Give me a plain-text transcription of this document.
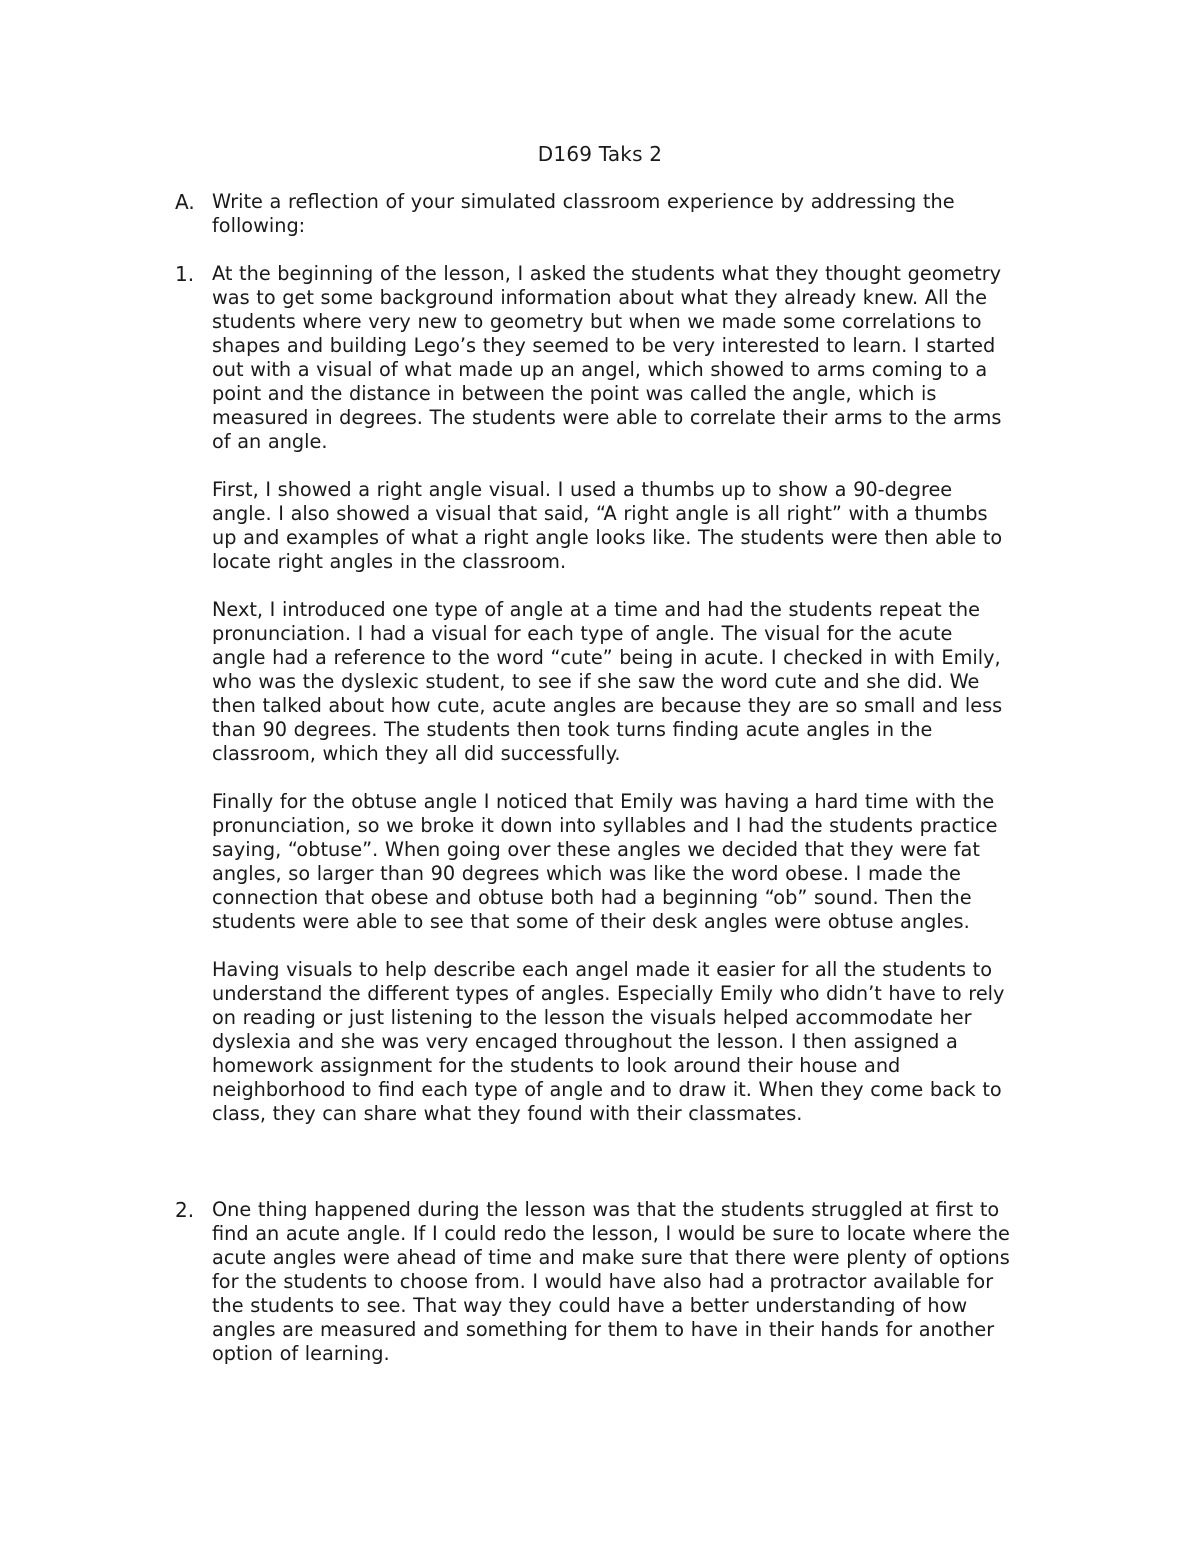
D169 Taks 2
A. Write a reflection of your simulated classroom experience by addressing the
following:

1. At the beginning of the lesson, I asked the students what they thought geometry
was to get some background information about what they already knew. All the
students where very new to geometry but when we made some correlations to
shapes and building Lego’s they seemed to be very interested to learn. I started
out with a visual of what made up an angel, which showed to arms coming to a
point and the distance in between the point was called the angle, which is
measured in degrees. The students were able to correlate their arms to the arms
of an angle.

First, I showed a right angle visual. I used a thumbs up to show a 90-degree
angle. I also showed a visual that said, “A right angle is all right” with a thumbs
up and examples of what a right angle looks like. The students were then able to
locate right angles in the classroom.

Next, I introduced one type of angle at a time and had the students repeat the
pronunciation. I had a visual for each type of angle. The visual for the acute
angle had a reference to the word “cute” being in acute. I checked in with Emily,
who was the dyslexic student, to see if she saw the word cute and she did. We
then talked about how cute, acute angles are because they are so small and less
than 90 degrees. The students then took turns finding acute angles in the
classroom, which they all did successfully.

Finally for the obtuse angle I noticed that Emily was having a hard time with the
pronunciation, so we broke it down into syllables and I had the students practice
saying, “obtuse”. When going over these angles we decided that they were fat
angles, so larger than 90 degrees which was like the word obese. I made the
connection that obese and obtuse both had a beginning “ob” sound. Then the
students were able to see that some of their desk angles were obtuse angles.

Having visuals to help describe each angel made it easier for all the students to
understand the different types of angles. Especially Emily who didn’t have to rely
on reading or just listening to the lesson the visuals helped accommodate her
dyslexia and she was very encaged throughout the lesson. I then assigned a
homework assignment for the students to look around their house and
neighborhood to find each type of angle and to draw it. When they come back to
class, they can share what they found with their classmates.

2. One thing happened during the lesson was that the students struggled at first to
find an acute angle. If I could redo the lesson, I would be sure to locate where the
acute angles were ahead of time and make sure that there were plenty of options
for the students to choose from. I would have also had a protractor available for
the students to see. That way they could have a better understanding of how
angles are measured and something for them to have in their hands for another
option of learning.
